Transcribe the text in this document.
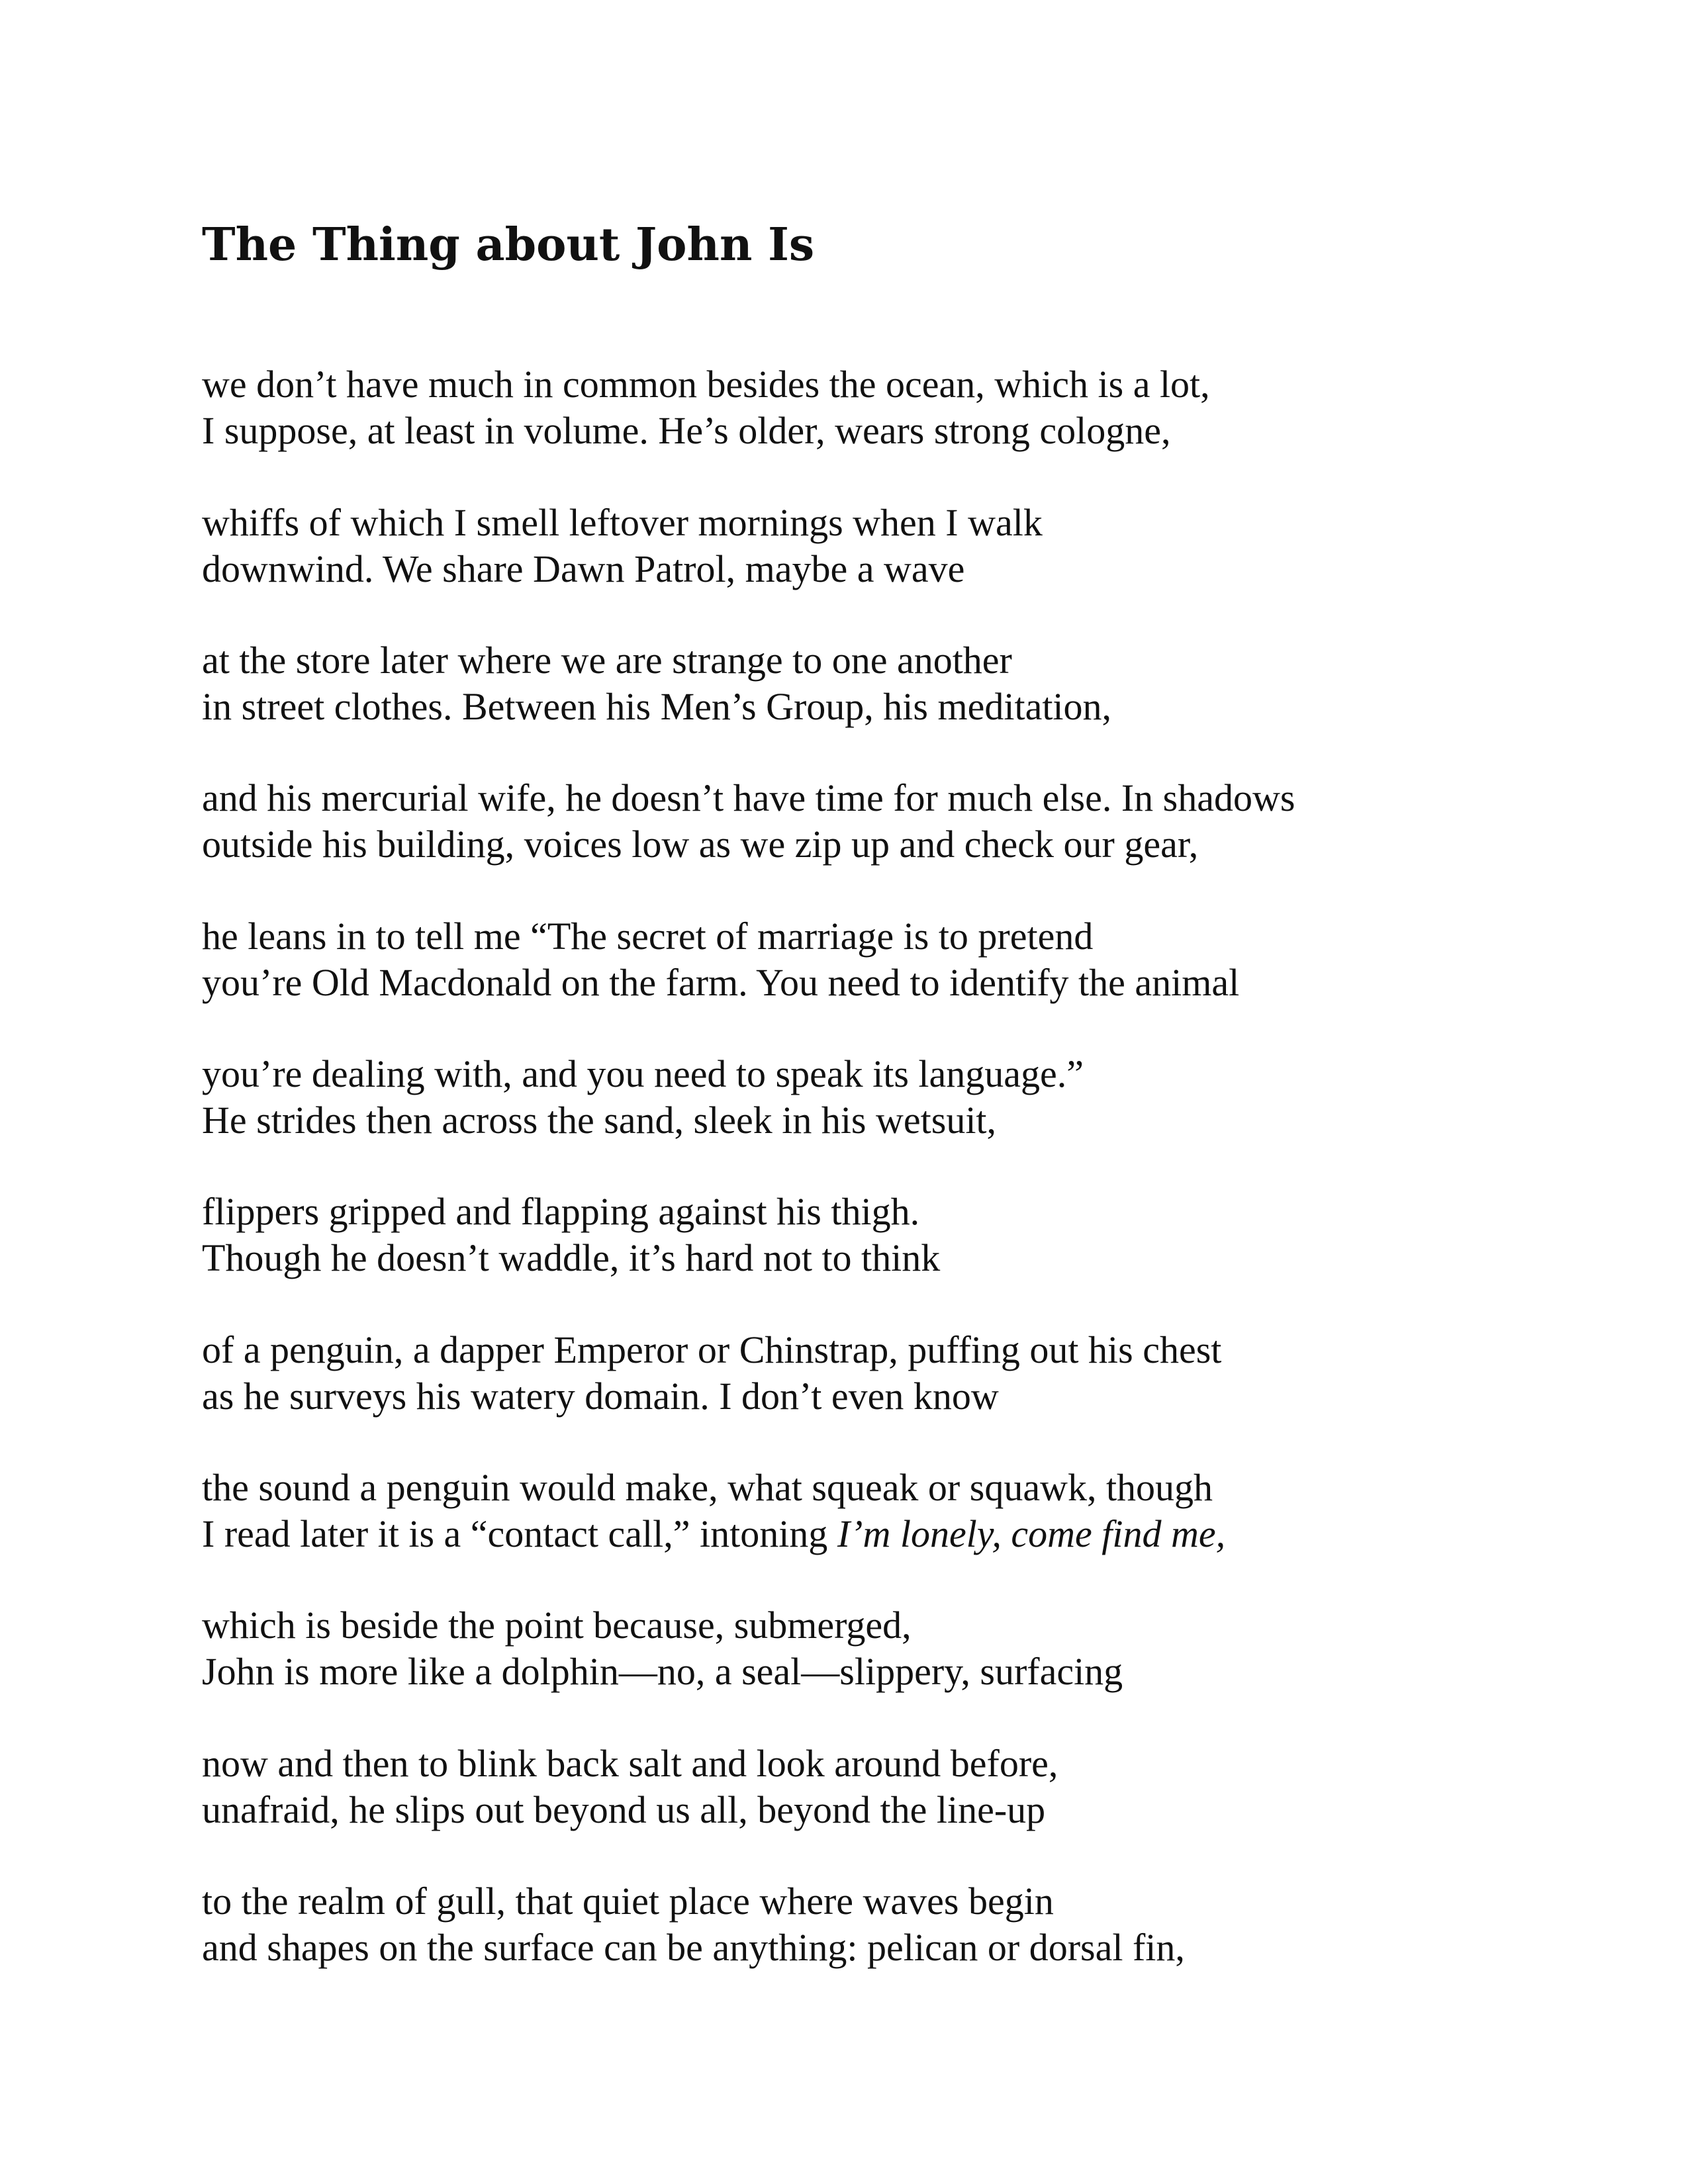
The Thing about John Is

we don’t have much in common besides the ocean, which is a lot,

I suppose, at least in volume. He’s older, wears strong cologne,

whiffs of which I smell leftover mornings when I walk

downwind. We share Dawn Patrol, maybe a wave

at the store later where we are strange to one another

in street clothes. Between his Men’s Group, his meditation,

and his mercurial wife, he doesn’t have time for much else. In shadows

outside his building, voices low as we zip up and check our gear,

he leans in to tell me “The secret of marriage is to pretend

you’re Old Macdonald on the farm. You need to identify the animal

you’re dealing with, and you need to speak its language.”

He strides then across the sand, sleek in his wetsuit,

flippers gripped and flapping against his thigh.

Though he doesn’t waddle, it’s hard not to think

of a penguin, a dapper Emperor or Chinstrap, puffing out his chest

as he surveys his watery domain. I don’t even know

the sound a penguin would make, what squeak or squawk, though

I read later it is a “contact call,” intoning I’m lonely, come find me,

which is beside the point because, submerged,

John is more like a dolphin—no, a seal—slippery, surfacing

now and then to blink back salt and look around before,

unafraid, he slips out beyond us all, beyond the line-up

to the realm of gull, that quiet place where waves begin

and shapes on the surface can be anything: pelican or dorsal fin,
